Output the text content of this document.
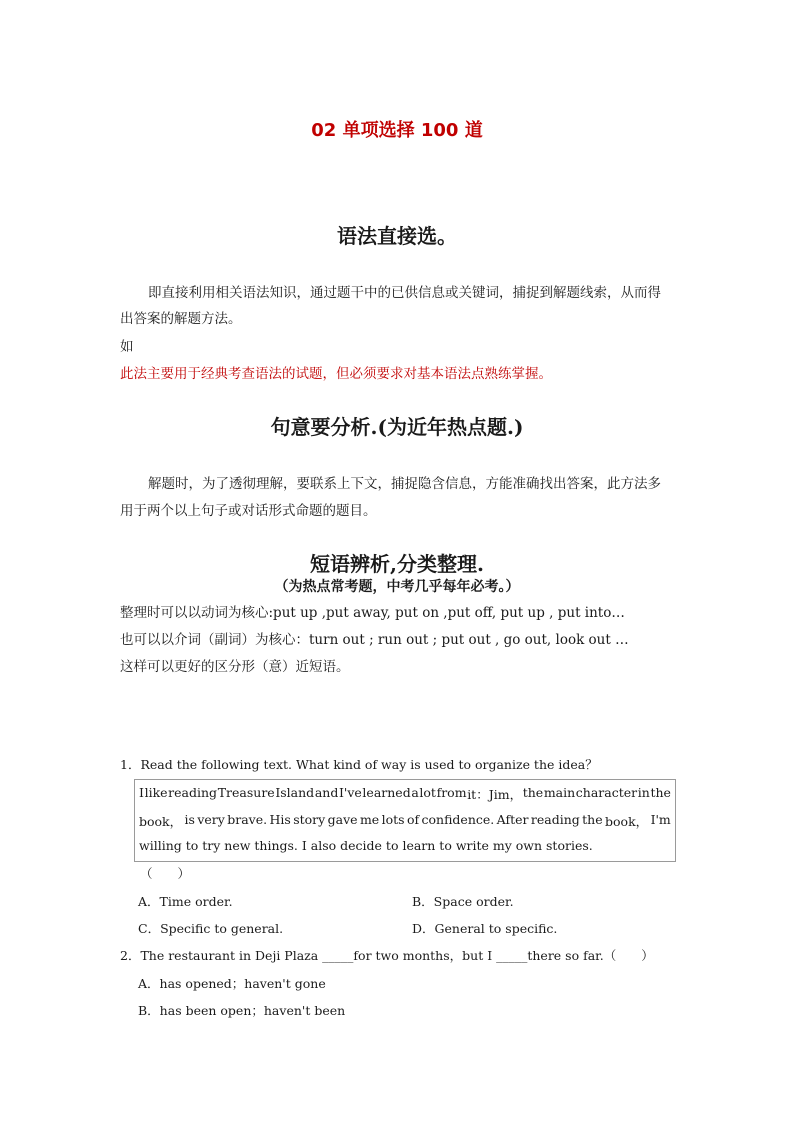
02 单项选择 100 道
语法直接选。
即直接利用相关语法知识，通过题干中的已供信息或关键词，捕捉到解题线索，从而得
出答案的解题方法。
如
此法主要用于经典考查语法的试题，但必须要求对基本语法点熟练掌握。
句意要分析.(为近年热点题.)
解题时，为了透彻理解，要联系上下文，捕捉隐含信息，方能准确找出答案，此方法多
用于两个以上句子或对话形式命题的题目。
短语辨析,分类整理.
（为热点常考题，中考几乎每年必考。）
整理时可以以动词为核心:put up ,put away, put on ,put off, put up , put into…
也可以以介词（副词）为核心：turn out ; run out ; put out , go out, look out …
这样可以更好的区分形（意）近短语。
1．Read the following text. What kind of way is used to organize the idea？
I like reading Treasure Island and I've learned a lot from it：Jim， the main character in the
book， is very brave. His story gave me lots of confidence. After reading the book， I'm
willing to try new things. I also decide to learn to write my own stories.
（　　）
A．Time order.	B．Space order.
C．Specific to general.	D．General to specific.
2．The restaurant in Deji Plaza _____for two months，but I _____there so far.（　　）
A．has opened；haven't gone
B．has been open；haven't been
